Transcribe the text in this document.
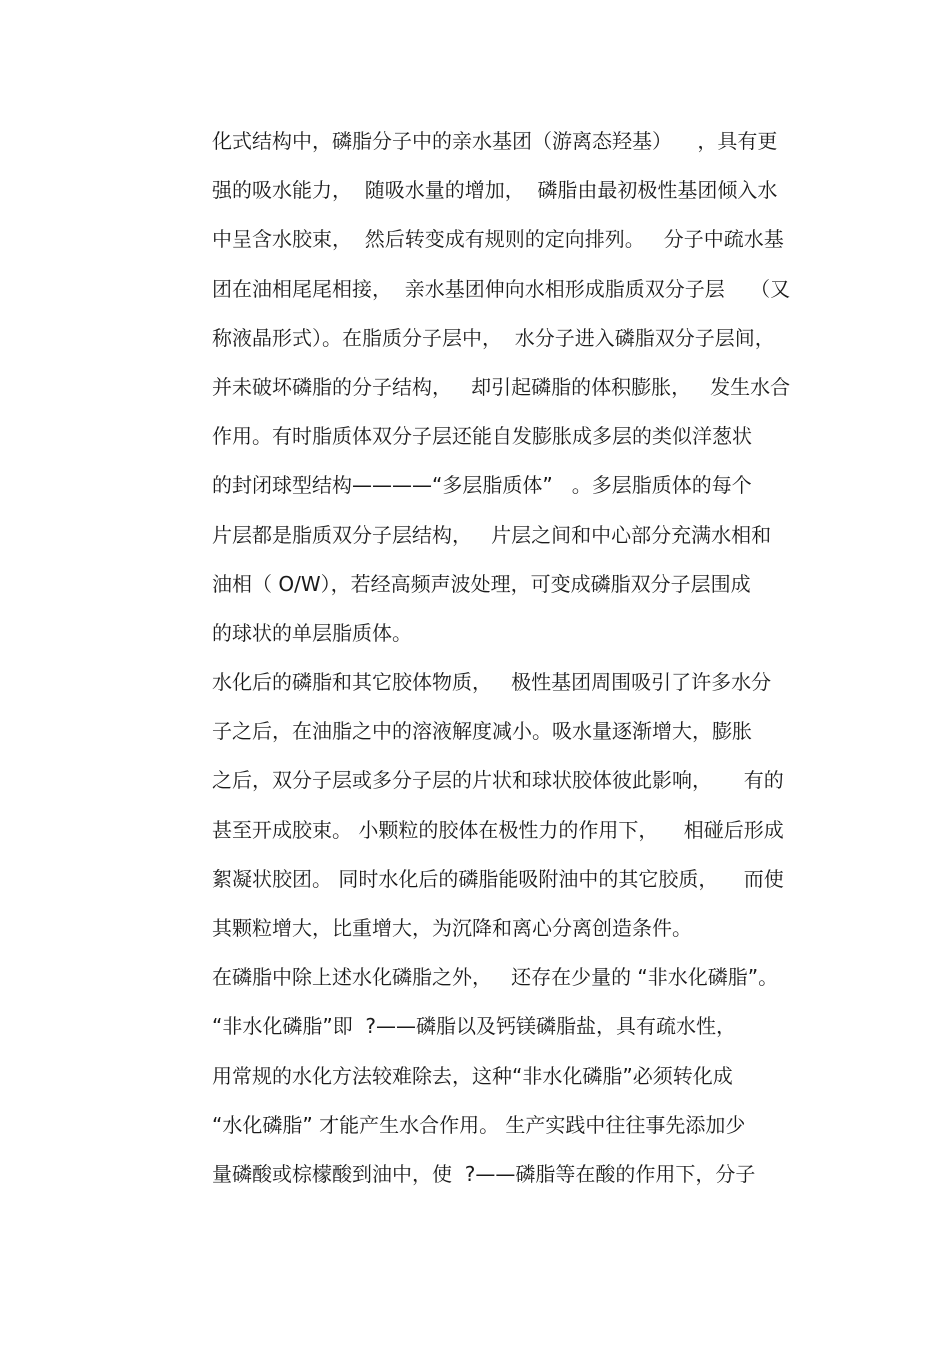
化式结构中，磷脂分子中的亲水基团（游离态羟基）    ，具有更
强的吸水能力，  随吸水量的增加，  磷脂由最初极性基团倾入水
中呈含水胶束，  然后转变成有规则的定向排列。   分子中疏水基
团在油相尾尾相接，  亲水基团伸向水相形成脂质双分子层    （又
称液晶形式）。在脂质分子层中，  水分子进入磷脂双分子层间，
并未破坏磷脂的分子结构，   却引起磷脂的体积膨胀，   发生水合
作用。有时脂质体双分子层还能自发膨胀成多层的类似洋葱状
的封闭球型结构————“多层脂质体”   。多层脂质体的每个
片层都是脂质双分子层结构，   片层之间和中心部分充满水相和
油相（ O/W），若经高频声波处理，可变成磷脂双分子层围成
的球状的单层脂质体。
水化后的磷脂和其它胶体物质，   极性基团周围吸引了许多水分
子之后，在油脂之中的溶液解度减小。吸水量逐渐增大，膨胀
之后，双分子层或多分子层的片状和球状胶体彼此影响，     有的
甚至开成胶束。 小颗粒的胶体在极性力的作用下，    相碰后形成
絮凝状胶团。 同时水化后的磷脂能吸附油中的其它胶质，    而使
其颗粒增大，比重增大，为沉降和离心分离创造条件。
在磷脂中除上述水化磷脂之外，   还存在少量的 “非水化磷脂”。
“非水化磷脂”即  ?——磷脂以及钙镁磷脂盐，具有疏水性，
用常规的水化方法较难除去，这种“非水化磷脂”必须转化成
“水化磷脂” 才能产生水合作用。 生产实践中往往事先添加少
量磷酸或棕檬酸到油中，使  ?——磷脂等在酸的作用下，分子
